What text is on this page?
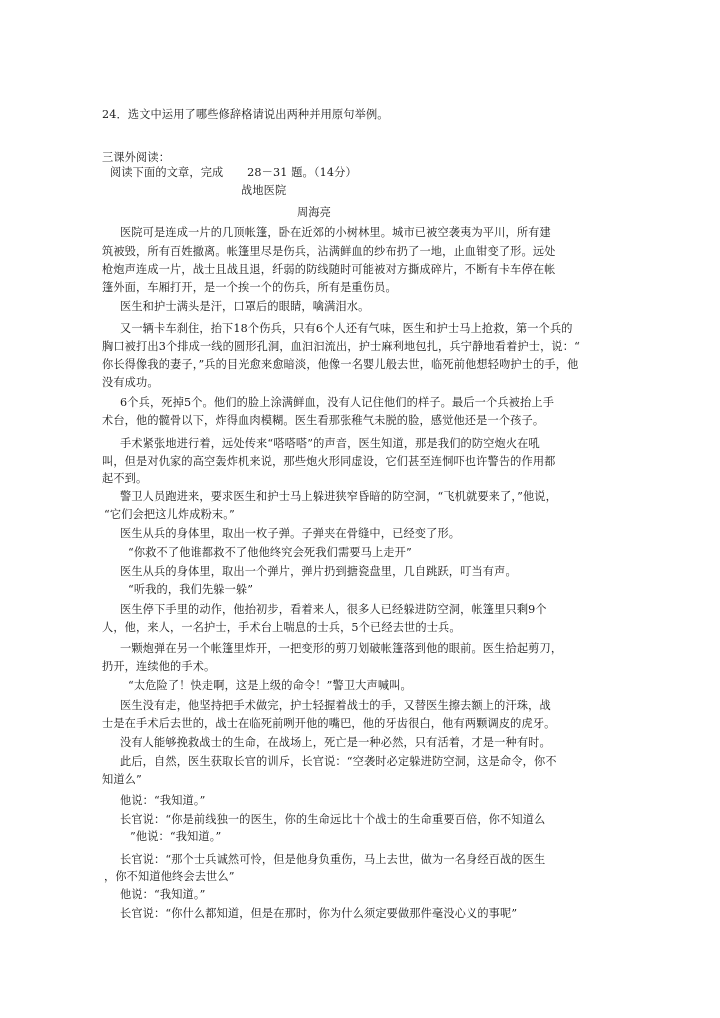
24．选文中运用了哪些修辞格请说出两种并用原句举例。
三课外阅读：
阅读下面的文章，完成 28－31 题。（14分）
战地医院
周海亮
医院可是连成一片的几顶帐篷，卧在近郊的小树林里。城市已被空袭夷为平川，所有建
筑被毁，所有百姓撤离。帐篷里尽是伤兵，沾满鲜血的纱布扔了一地，止血钳变了形。远处
枪炮声连成一片，战士且战且退，纤弱的防线随时可能被对方撕成碎片，不断有卡车停在帐
篷外面，车厢打开，是一个挨一个的伤兵，所有是重伤员。
医生和护士满头是汗，口罩后的眼睛，噙满泪水。
又一辆卡车刹住，抬下18个伤兵，只有6个人还有气味，医生和护士马上抢救，第一个兵的
胸口被打出3个排成一线的圆形孔洞，血汩汩流出，护士麻利地包扎，兵宁静地看着护士，说：“
你长得像我的妻子，”兵的目光愈来愈暗淡，他像一名婴儿般去世，临死前他想轻吻护士的手，他
没有成功。
6个兵，死掉5个。他们的脸上涂满鲜血，没有人记住他们的样子。最后一个兵被抬上手
术台，他的髋骨以下，炸得血肉模糊。医生看那张稚气未脱的脸，感觉他还是一个孩子。
手术紧张地进行着，远处传来“嗒嗒嗒”的声音，医生知道，那是我们的防空炮火在吼
叫，但是对仇家的高空轰炸机来说，那些炮火形同虚设，它们甚至连恫吓也许警告的作用都
起不到。
警卫人员跑进来，要求医生和护士马上躲进狭窄昏暗的防空洞，“飞机就要来了，”他说，
“它们会把这儿炸成粉末。”
医生从兵的身体里，取出一枚子弹。子弹夹在骨缝中，已经变了形。
“你救不了他谁都救不了他他终究会死我们需要马上走开”
医生从兵的身体里，取出一个弹片，弹片扔到搪瓷盘里，几自跳跃，叮当有声。
“听我的，我们先躲一躲”
医生停下手里的动作，他抬初步，看着来人，很多人已经躲进防空洞，帐篷里只剩9个
人，他，来人，一名护士，手术台上喘息的士兵，5个已经去世的士兵。
一颗炮弹在另一个帐篷里炸开，一把变形的剪刀划破帐篷落到他的眼前。医生拾起剪刀，
扔开，连续他的手术。
“太危险了！快走啊，这是上级的命令！”警卫大声喊叫。
医生没有走，他坚持把手术做完，护士轻握着战士的手，又替医生擦去额上的汗珠，战
士是在手术后去世的，战士在临死前咧开他的嘴巴，他的牙齿很白，他有两颗调皮的虎牙。
没有人能够挽救战士的生命，在战场上，死亡是一种必然，只有活着，才是一种有时。
此后，自然，医生获取长官的训斥，长官说：“空袭时必定躲进防空洞，这是命令，你不
知道么”
他说：“我知道。”
长官说：“你是前线独一的医生，你的生命远比十个战士的生命重要百倍，你不知道么
”他说：“我知道。”
长官说：“那个士兵诚然可怜，但是他身负重伤，马上去世，做为一名身经百战的医生
，你不知道他终会去世么”
他说：“我知道。”
长官说：“你什么都知道，但是在那时，你为什么须定要做那件毫没心义的事呢”
